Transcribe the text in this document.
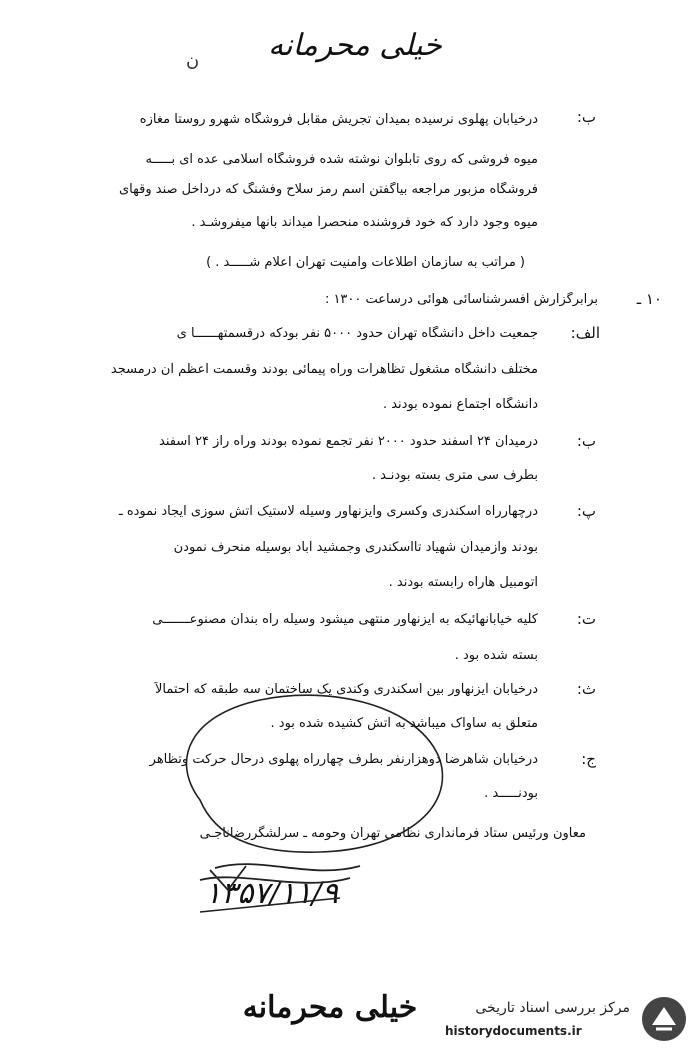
خیلی محرمانه
ن
ب:
درخیابان پهلوی نرسیده بمیدان تجریش مقابل فروشگاه شهرو روستا مغازه
میوه فروشی که روی تابلوآن نوشته شده فروشگاه اسلامی عده ای بـــــه
فروشگاه مزبور مراجعه بیاگفتن اسم رمز سلاح وفشنگ که درداخل صند وقهای
میوه وجود دارد که خود فروشنده منحصراً میداند بآنها میفروشـد .
( مراتب به سازمان اطلاعات وامنیت تهران اعلام شـــــد . )
۱۰ ـ
برابرگزارش افسرشناسائی هوائی درساعت ۱۳۰۰ :
الف:
جمعیت داخل دانشگاه تهران حدود ۵۰۰۰ نفر بودکه درقسمتهــــــا ی
مختلف دانشگاه مشغول تظاهرات وراه پیمائی بودند وقسمت اعظم آن درمسجد
دانشگاه اجتماع نموده بودند .
ب:
درمیدان ۲۴ اسفند حدود ۲۰۰۰ نفر تجمع نموده بودند وراه راز ۲۴ اسفند
بطرف سی متری بسته بودنـد .
پ:
درچهارراه اسکندری وکسری وآیزنهاور وسیله لاستیک آتش سوزی ایجاد نموده ـ
بودند وازمیدان شهیاد تااسکندری وجمشید آباد بوسیله منحرف نمودن
اتومبیل هاراه رابسته بودند .
ت:
کلیه خیابانهائیکه به آیزنهاور منتهی میشود وسیله راه بندان مصنوعـــــــی
بسته شده بود .
ث:
درخیابان آیزنهاور بین اسکندری وکندی یک ساختمان سه طبقه که احتمالاً
متعلق به ساواک میباشد به آتش کشیده شده بود .
ج:
درخیابان شاهرضا دوهزارنفر بطرف چهارراه پهلوی درحال حرکت وتظاهر
بودنـــــد .
معاون ورئیس ستاد فرمانداری نظامی تهران وحومه ـ سرلشگررضاناجـی
۱۳۵۷/۱۱/۹
خیلی محرمانه	مرکز بررسی اسناد تاریخی
historydocuments.ir
